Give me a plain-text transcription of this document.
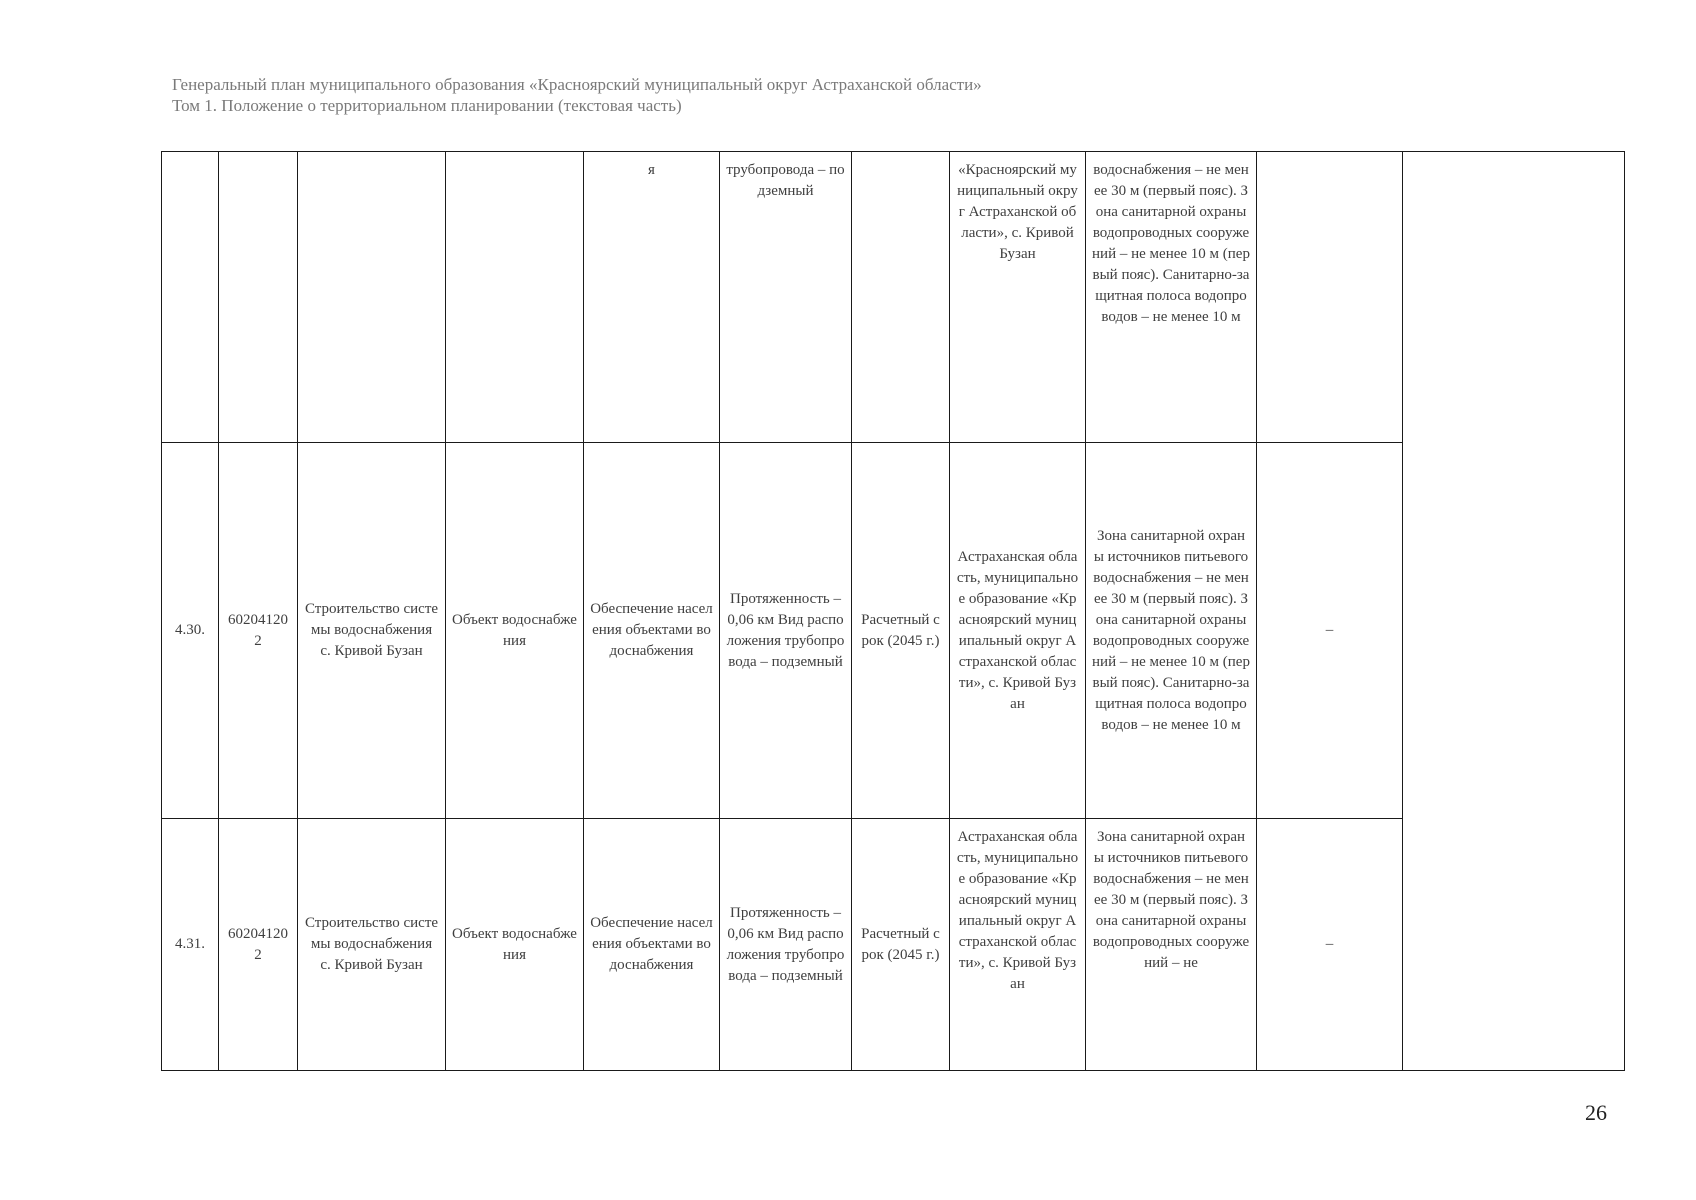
Генеральный план муниципального образования «Красноярский муниципальный округ Астраханской области»
Том 1. Положение о территориальном планировании (текстовая часть)
				я	трубопровода – подземный		«Красноярский муниципальный округ Астраханской области», с. Кривой Бузан	водоснабжения – не менее 30 м (первый пояс). Зона санитарной охраны водопроводных сооружений – не менее 10 м (первый пояс). Санитарно-защитная полоса водопроводов – не менее 10 м		
4.30.	602041202	Строительство системы водоснабжения с. Кривой Бузан	Объект водоснабжения	Обеспечение населения объектами водоснабжения	Протяженность – 0,06 км Вид расположения трубопровода – подземный	Расчетный срок (2045 г.)	Астраханская область, муниципальное образование «Красноярский муниципальный округ Астраханской области», с. Кривой Бузан	Зона санитарной охраны источников питьевого водоснабжения – не менее 30 м (первый пояс). Зона санитарной охраны водопроводных сооружений – не менее 10 м (первый пояс). Санитарно-защитная полоса водопроводов – не менее 10 м	–	
4.31.	602041202	Строительство системы водоснабжения с. Кривой Бузан	Объект водоснабжения	Обеспечение населения объектами водоснабжения	Протяженность – 0,06 км Вид расположения трубопровода – подземный	Расчетный срок (2045 г.)	Астраханская область, муниципальное образование «Красноярский муниципальный округ Астраханской области», с. Кривой Бузан	Зона санитарной охраны источников питьевого водоснабжения – не менее 30 м (первый пояс). Зона санитарной охраны водопроводных сооружений – не	–	
26
